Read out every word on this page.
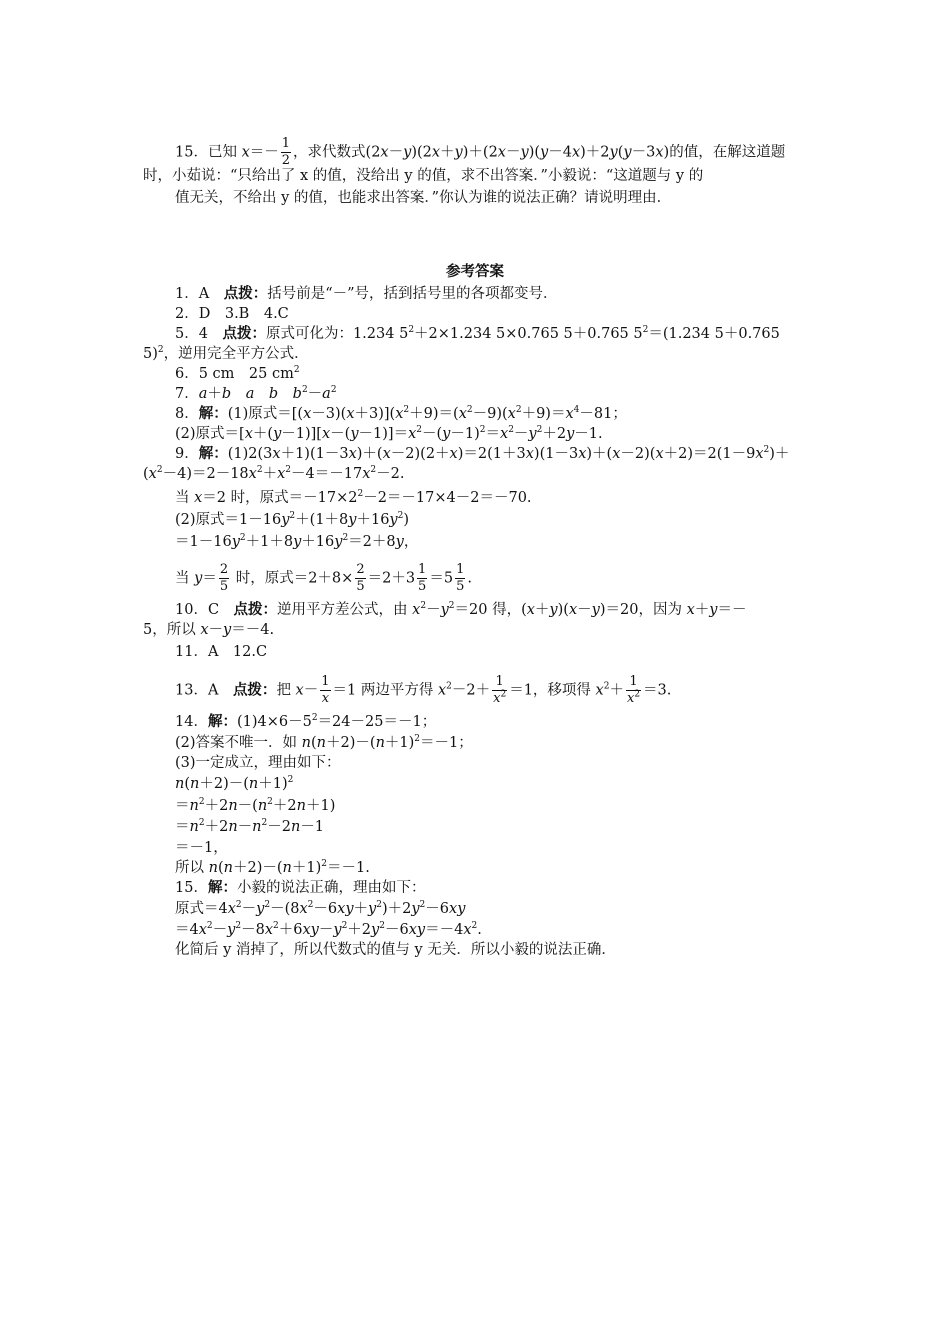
15．已知 $x=- \frac{1}{2}$ ，求代数式(2x－y)(2x＋y)＋(2x－y)(y－4x)＋2y(y－3x)的值，在解这道题
时，小茹说：“只给出了 x 的值，没给出 y 的值，求不出答案．”小毅说：“这道题与 y 的
值无关，不给出 y 的值，也能求出答案．”你认为谁的说法正确？请说明理由．
参考答案
1．A　点拨：括号前是“－”号，括到括号里的各项都变号．
2．D　3.B　4.C
5．4　点拨：原式可化为：1.234 $5^2+2\times 1.234$ 5×0.765 5＋0.765 $5^2=(1.234$ 5＋0.765
5)$^2$，逆用完全平方公式．
6．5 cm　25 $cm^2$
7．a＋b　 a　 b　 $b^2-a^2$
8．解：(1)原式$=[(x-3)(x+3)](x^2+9)=(x^2-9)(x^2+9)=x^4-81$；
(2)原式$=[x+(y-1)][x-(y-1)]=x^2-(y-1)^2=x^2-y^2+2y-1$.
9．解：$(1)2(3x+1)(1-3x)+(x-2)(2+x)=2(1+3x)(1-3x)+(x-2)(x+2)=2(1-9x^2)+$
$(x^2-4)=2-18x^2+x^2-4=-17x^2-2$.
当 x＝2 时，原式$=-17\times 2^2-2=-17\times 4-2=-70$.
(2)原式$=1-16y^2+(1+8y+16y^2)$
$=1-16y^2+1+8y+16y^2=2+8y$，
当 $y= \frac{2}{5}$ 时，原式$=2+8\times \frac{2}{5} =2+3 \frac{1}{5} =5 \frac{1}{5}$ .
10．C　点拨：逆用平方差公式，由 $x^2-y^2=20$ 得，(x＋y)(x－y)＝20，因为 x＋y＝－
5，所以 x－y＝－4.
11．A　12.C
13．A　点拨：把 $x- \frac{1}{x} =1$ 两边平方得 $x^2-2+ \frac{1}{x^2} =1$，移项得 $x^2+ \frac{1}{x^2} =3$.
14．解：$(1)4\times 6-5^2=24-25=-1$；
(2)答案不唯一．如 $n(n+2)-(n+1)^2=-1$；
(3)一定成立，理由如下：
$n(n+2)-(n+1)^2$
$=n^2+2n-(n^2+2n+1)$
$=n^2+2n-n^2-2n-1$
＝－1，
所以 $n(n+2)-(n+1)^2=-1$.
15．解：小毅的说法正确，理由如下：
原式$=4x^2-y^2-(8x^2-6xy+y^2)+2y^2-6xy$
$=4x^2-y^2-8x^2+6xy-y^2+2y^2-6xy=-4x^2$.
化简后 y 消掉了，所以代数式的值与 y 无关．所以小毅的说法正确．
